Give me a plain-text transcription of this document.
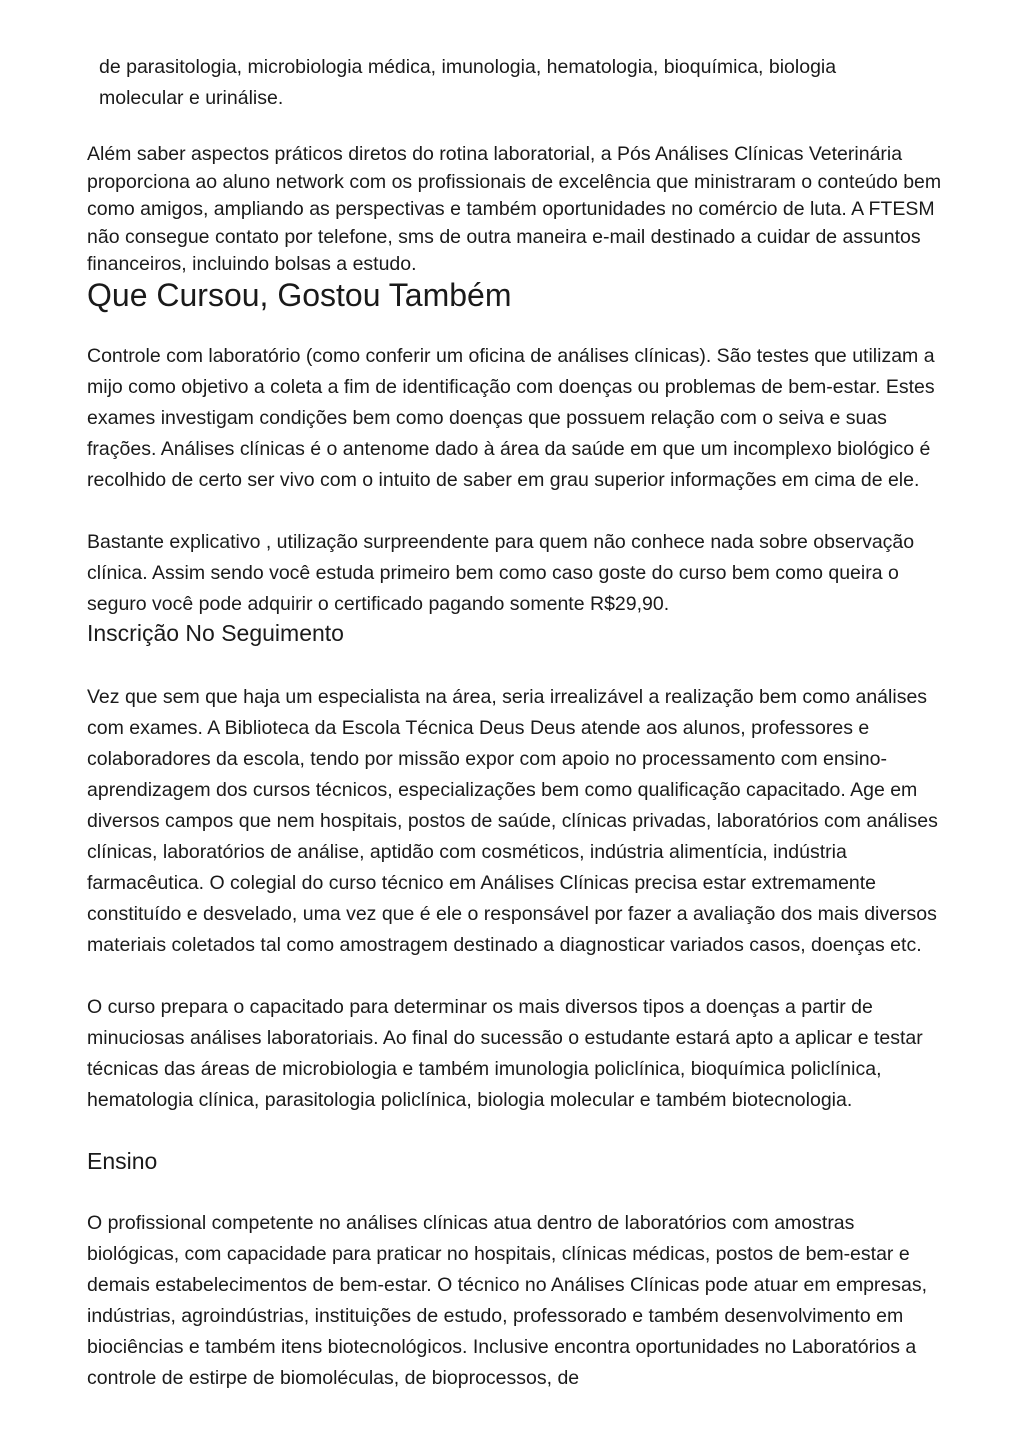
de parasitologia, microbiologia médica, imunologia, hematologia, bioquímica, biologia molecular e urinálise.

Além saber aspectos práticos diretos do rotina laboratorial, a Pós Análises Clínicas Veterinária proporciona ao aluno network com os profissionais de excelência que ministraram o conteúdo bem como amigos, ampliando as perspectivas e também oportunidades no comércio de luta. A FTESM não consegue contato por telefone, sms de outra maneira e-mail destinado a cuidar de assuntos financeiros, incluindo bolsas a estudo.

Que Cursou, Gostou Também

Controle com laboratório (como conferir um oficina de análises clínicas). São testes que utilizam a mijo como objetivo a coleta a fim de identificação com doenças ou problemas de bem-estar. Estes exames investigam condições bem como doenças que possuem relação com o seiva e suas frações. Análises clínicas é o antenome dado à área da saúde em que um incomplexo biológico é recolhido de certo ser vivo com o intuito de saber em grau superior informações em cima de ele.

Bastante explicativo , utilização surpreendente para quem não conhece nada sobre observação clínica. Assim sendo você estuda primeiro bem como caso goste do curso bem como queira o seguro você pode adquirir o certificado pagando somente R$29,90.

Inscrição No Seguimento

Vez que sem que haja um especialista na área, seria irrealizável a realização bem como análises com exames. A Biblioteca da Escola Técnica Deus Deus atende aos alunos, professores e colaboradores da escola, tendo por missão expor com apoio no processamento com ensino-aprendizagem dos cursos técnicos, especializações bem como qualificação capacitado. Age em diversos campos que nem hospitais, postos de saúde, clínicas privadas, laboratórios com análises clínicas, laboratórios de análise, aptidão com cosméticos, indústria alimentícia, indústria farmacêutica. O colegial do curso técnico em Análises Clínicas precisa estar extremamente constituído e desvelado, uma vez que é ele o responsável por fazer a avaliação dos mais diversos materiais coletados tal como amostragem destinado a diagnosticar variados casos, doenças etc.

O curso prepara o capacitado para determinar os mais diversos tipos a doenças a partir de minuciosas análises laboratoriais. Ao final do sucessão o estudante estará apto a aplicar e testar técnicas das áreas de microbiologia e também imunologia policlínica, bioquímica policlínica, hematologia clínica, parasitologia policlínica, biologia molecular e também biotecnologia.

Ensino

O profissional competente no análises clínicas atua dentro de laboratórios com amostras biológicas, com capacidade para praticar no hospitais, clínicas médicas, postos de bem-estar e demais estabelecimentos de bem-estar. O técnico no Análises Clínicas pode atuar em empresas, indústrias, agroindústrias, instituições de estudo, professorado e também desenvolvimento em biociências e também itens biotecnológicos. Inclusive encontra oportunidades no Laboratórios a controle de estirpe de biomoléculas, de bioprocessos, de
